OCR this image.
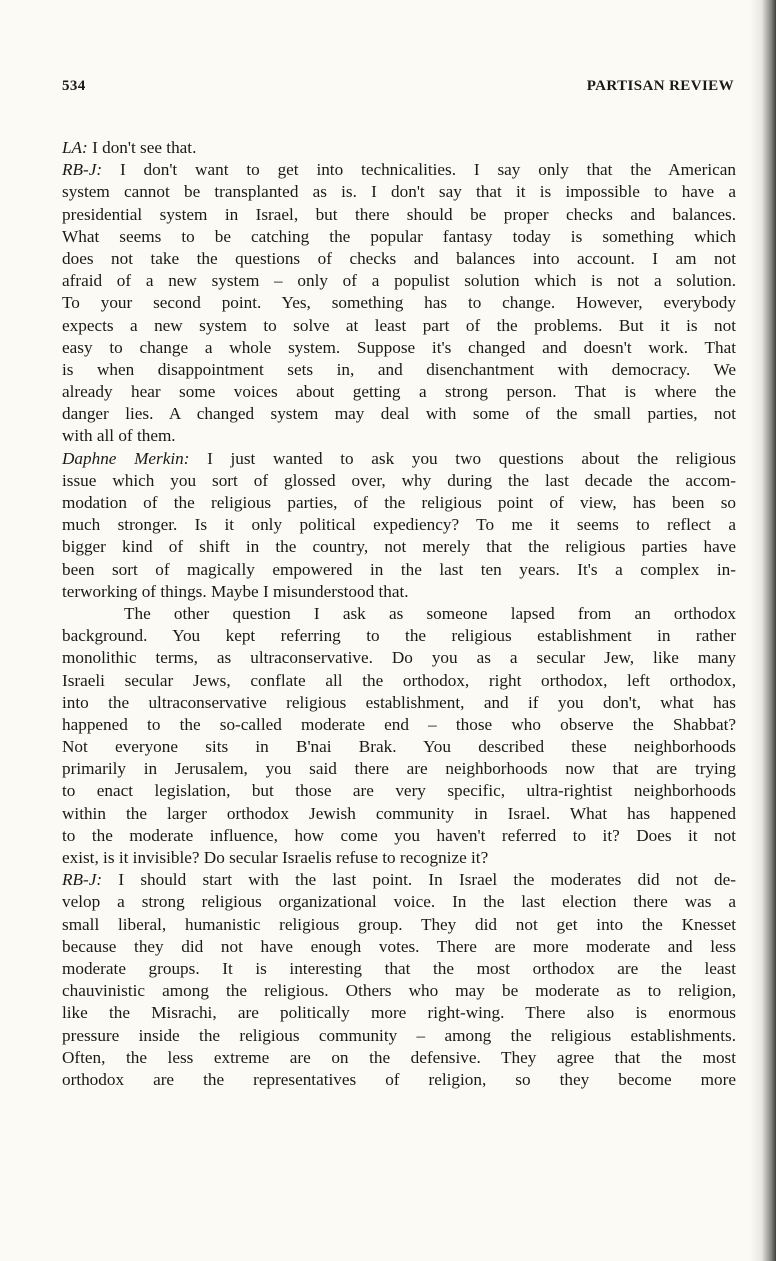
534	PARTISAN REVIEW
LA: I don't see that.
RB-J: I don't want to get into technicalities. I say only that the American
system cannot be transplanted as is. I don't say that it is impossible to have a
presidential system in Israel, but there should be proper checks and balances.
What seems to be catching the popular fantasy today is something which
does not take the questions of checks and balances into account. I am not
afraid of a new system – only of a populist solution which is not a solution.
To your second point. Yes, something has to change. However, everybody
expects a new system to solve at least part of the problems. But it is not
easy to change a whole system. Suppose it's changed and doesn't work. That
is when disappointment sets in, and disenchantment with democracy. We
already hear some voices about getting a strong person. That is where the
danger lies. A changed system may deal with some of the small parties, not
with all of them.
Daphne Merkin: I just wanted to ask you two questions about the religious
issue which you sort of glossed over, why during the last decade the accom-
modation of the religious parties, of the religious point of view, has been so
much stronger. Is it only political expediency? To me it seems to reflect a
bigger kind of shift in the country, not merely that the religious parties have
been sort of magically empowered in the last ten years. It's a complex in-
terworking of things. Maybe I misunderstood that.
The other question I ask as someone lapsed from an orthodox
background. You kept referring to the religious establishment in rather
monolithic terms, as ultraconservative. Do you as a secular Jew, like many
Israeli secular Jews, conflate all the orthodox, right orthodox, left orthodox,
into the ultraconservative religious establishment, and if you don't, what has
happened to the so-called moderate end – those who observe the Shabbat?
Not everyone sits in B'nai Brak. You described these neighborhoods
primarily in Jerusalem, you said there are neighborhoods now that are trying
to enact legislation, but those are very specific, ultra-rightist neighborhoods
within the larger orthodox Jewish community in Israel. What has happened
to the moderate influence, how come you haven't referred to it? Does it not
exist, is it invisible? Do secular Israelis refuse to recognize it?
RB-J: I should start with the last point. In Israel the moderates did not de-
velop a strong religious organizational voice. In the last election there was a
small liberal, humanistic religious group. They did not get into the Knesset
because they did not have enough votes. There are more moderate and less
moderate groups. It is interesting that the most orthodox are the least
chauvinistic among the religious. Others who may be moderate as to religion,
like the Misrachi, are politically more right-wing. There also is enormous
pressure inside the religious community – among the religious establishments.
Often, the less extreme are on the defensive. They agree that the most
orthodox are the representatives of religion, so they become more
